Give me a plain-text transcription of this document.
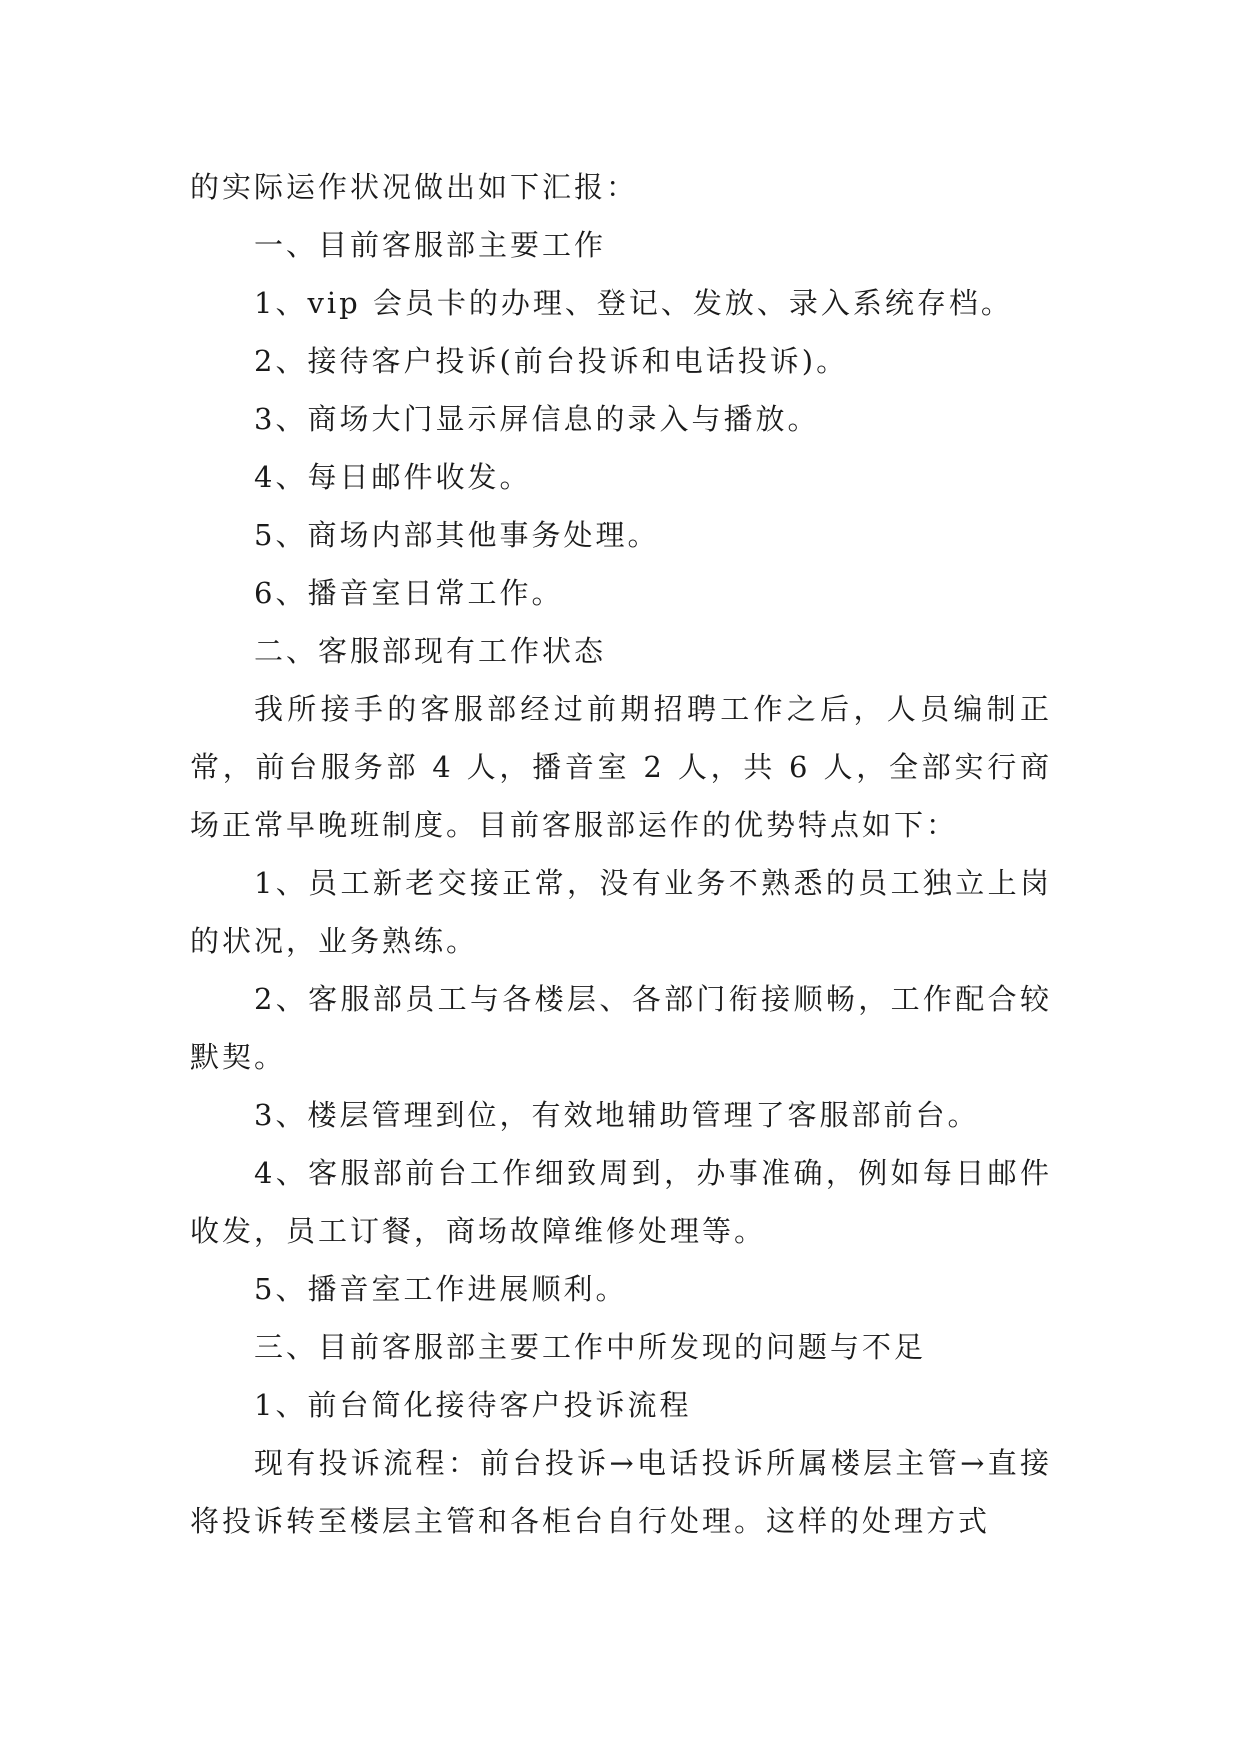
的实际运作状况做出如下汇报：

一、目前客服部主要工作

1、vip 会员卡的办理、登记、发放、录入系统存档。

2、接待客户投诉(前台投诉和电话投诉)。

3、商场大门显示屏信息的录入与播放。

4、每日邮件收发。

5、商场内部其他事务处理。

6、播音室日常工作。

二、客服部现有工作状态

我所接手的客服部经过前期招聘工作之后，人员编制正常，前台服务部 4 人，播音室 2 人，共 6 人，全部实行商场正常早晚班制度。目前客服部运作的优势特点如下：

1、员工新老交接正常，没有业务不熟悉的员工独立上岗的状况，业务熟练。

2、客服部员工与各楼层、各部门衔接顺畅，工作配合较默契。

3、楼层管理到位，有效地辅助管理了客服部前台。

4、客服部前台工作细致周到，办事准确，例如每日邮件收发，员工订餐，商场故障维修处理等。

5、播音室工作进展顺利。

三、目前客服部主要工作中所发现的问题与不足

1、前台简化接待客户投诉流程

现有投诉流程：前台投诉→电话投诉所属楼层主管→直接将投诉转至楼层主管和各柜台自行处理。这样的处理方式
